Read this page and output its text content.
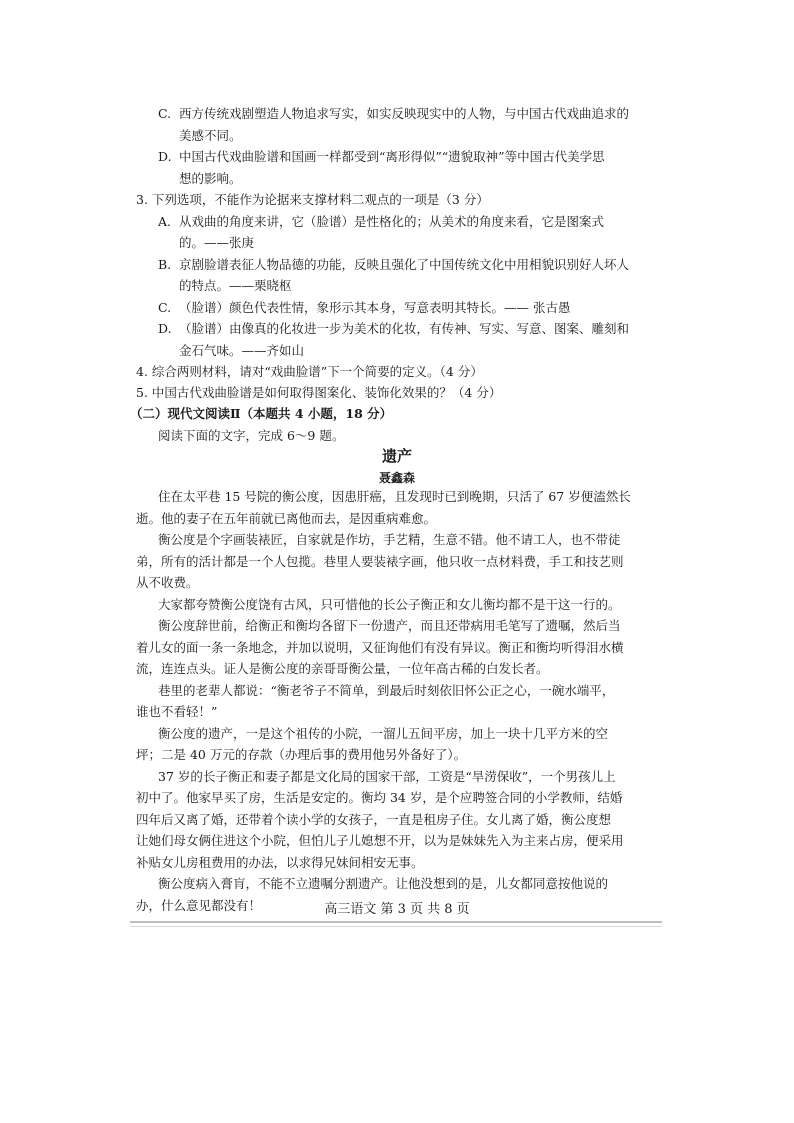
C. 西方传统戏剧塑造人物追求写实，如实反映现实中的人物，与中国古代戏曲追求的
美感不同。
D. 中国古代戏曲脸谱和国画一样都受到“离形得似”“遗貌取神”等中国古代美学思
想的影响。
3. 下列选项，不能作为论据来支撑材料二观点的一项是（3 分）
A. 从戏曲的角度来讲，它（脸谱）是性格化的；从美术的角度来看，它是图案式
的。——张庚
B. 京剧脸谱表征人物品德的功能，反映且强化了中国传统文化中用相貌识别好人坏人
的特点。——栗晓枢
C. （脸谱）颜色代表性情，象形示其本身，写意表明其特长。—— 张古愚
D. （脸谱）由像真的化妆进一步为美术的化妆，有传神、写实、写意、图案、雕刻和
金石气味。——齐如山
4. 综合两则材料，请对“戏曲脸谱”下一个简要的定义。（4 分）
5. 中国古代戏曲脸谱是如何取得图案化、装饰化效果的？（4 分）
（二）现代文阅读Ⅱ（本题共 4 小题，18 分）
阅读下面的文字，完成 6～9 题。
遗产
聂鑫森
住在太平巷 15 号院的衡公度，因患肝癌，且发现时已到晚期，只活了 67 岁便溘然长
逝。他的妻子在五年前就已离他而去，是因重病难愈。
衡公度是个字画装裱匠，自家就是作坊，手艺精，生意不错。他不请工人，也不带徒
弟，所有的活计都是一个人包揽。巷里人要装裱字画，他只收一点材料费，手工和技艺则
从不收费。
大家都夸赞衡公度饶有古风，只可惜他的长公子衡正和女儿衡均都不是干这一行的。
衡公度辞世前，给衡正和衡均各留下一份遗产，而且还带病用毛笔写了遗嘱，然后当
着儿女的面一条一条地念，并加以说明，又征询他们有没有异议。衡正和衡均听得泪水横
流，连连点头。证人是衡公度的亲哥哥衡公量，一位年高古稀的白发长者。
巷里的老辈人都说：“衡老爷子不简单，到最后时刻依旧怀公正之心，一碗水端平，
谁也不看轻！”
衡公度的遗产，一是这个祖传的小院，一溜儿五间平房，加上一块十几平方米的空
坪；二是 40 万元的存款（办理后事的费用他另外备好了）。
37 岁的长子衡正和妻子都是文化局的国家干部，工资是“旱涝保收”，一个男孩儿上
初中了。他家早买了房，生活是安定的。衡均 34 岁，是个应聘签合同的小学教师，结婚
四年后又离了婚，还带着个读小学的女孩子，一直是租房子住。女儿离了婚，衡公度想
让她们母女俩住进这个小院，但怕儿子儿媳想不开，以为是妹妹先入为主来占房，便采用
补贴女儿房租费用的办法，以求得兄妹间相安无事。
衡公度病入膏肓，不能不立遗嘱分割遗产。让他没想到的是，儿女都同意按他说的
办，什么意见都没有！	高三语文 第 3 页 共 8 页
